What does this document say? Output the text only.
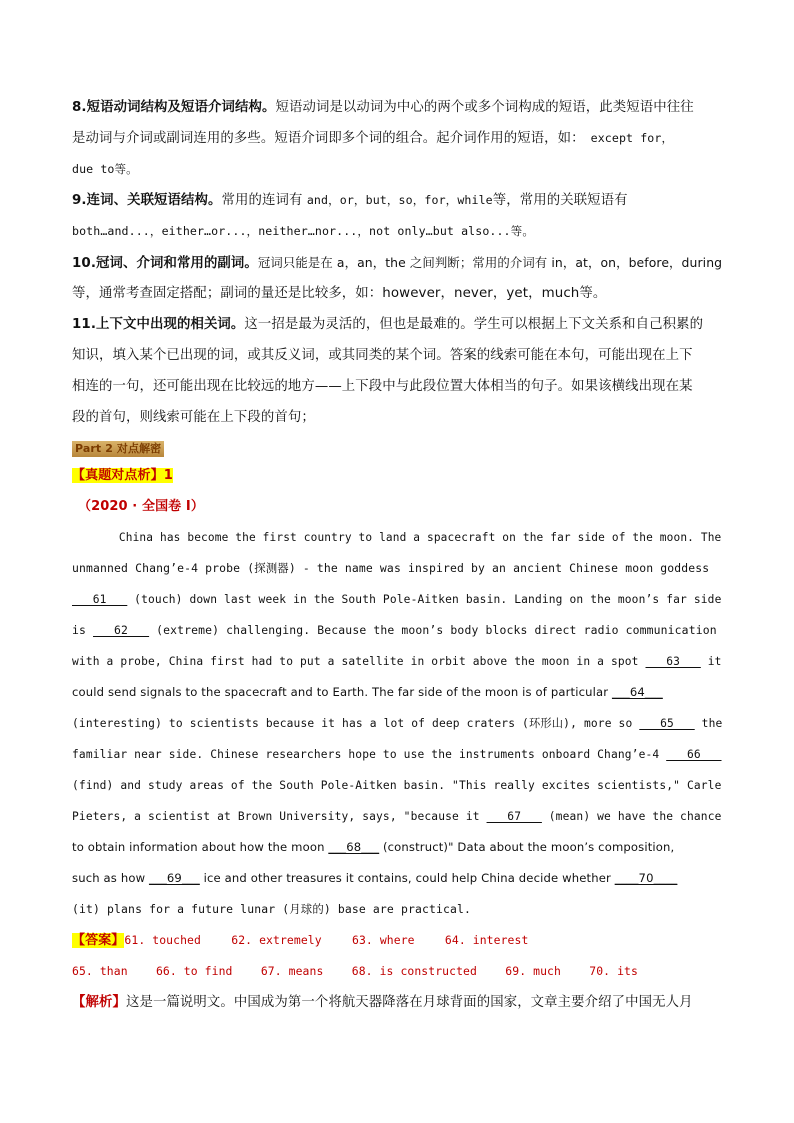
8.短语动词结构及短语介词结构。短语动词是以动词为中心的两个或多个词构成的短语，此类短语中往往
是动词与介词或副词连用的多些。短语介词即多个词的组合。起介词作用的短语，如： except for，
due to等。
9.连词、关联短语结构。常用的连词有 and，or，but，so，for，while等，常用的关联短语有
both…and...，either…or...，neither…nor...，not only…but also...等。
10.冠词、介词和常用的副词。冠词只能是在 a，an，the 之间判断；常用的介词有 in，at，on，before，during
等，通常考查固定搭配；副词的量还是比较多，如：however，never，yet，much等。
11.上下文中出现的相关词。这一招是最为灵活的，但也是最难的。学生可以根据上下文关系和自己积累的
知识，填入某个已出现的词，或其反义词，或其同类的某个词。答案的线索可能在本句，可能出现在上下
相连的一句，还可能出现在比较远的地方——上下段中与此段位置大体相当的句子。如果该横线出现在某
段的首句，则线索可能在上下段的首句；
Part 2 对点解密
【真题对点析】1
（2020 · 全国卷 I）
China has become the first country to land a spacecraft on the far side of the moon. The
unmanned Chang’e-4 probe (探测器) - the name was inspired by an ancient Chinese moon goddess
___61___ (touch) down last week in the South Pole-Aitken basin. Landing on the moon’s far side
is ___62___ (extreme) challenging. Because the moon’s body blocks direct radio communication
with a probe, China first had to put a satellite in orbit above the moon in a spot ___63___ it
could send signals to the spacecraft and to Earth. The far side of the moon is of particular ___64___
(interesting) to scientists because it has a lot of deep craters (环形山), more so ___65___ the
familiar near side. Chinese researchers hope to use the instruments onboard Chang’e-4 ___66___
(find) and study areas of the South Pole-Aitken basin. "This really excites scientists," Carle
Pieters, a scientist at Brown University, says, "because it ___67___ (mean) we have the chance
to obtain information about how the moon ___68___ (construct)" Data about the moon’s composition,
such as how ___69___ ice and other treasures it contains, could help China decide whether ____70____
(it) plans for a future lunar (月球的) base are practical.
【答案】61. touched	62. extremely	63. where	64. interest
65. than 66. to find 67. means 68. is constructed 69. much 70. its
【解析】这是一篇说明文。中国成为第一个将航天器降落在月球背面的国家，文章主要介绍了中国无人月
